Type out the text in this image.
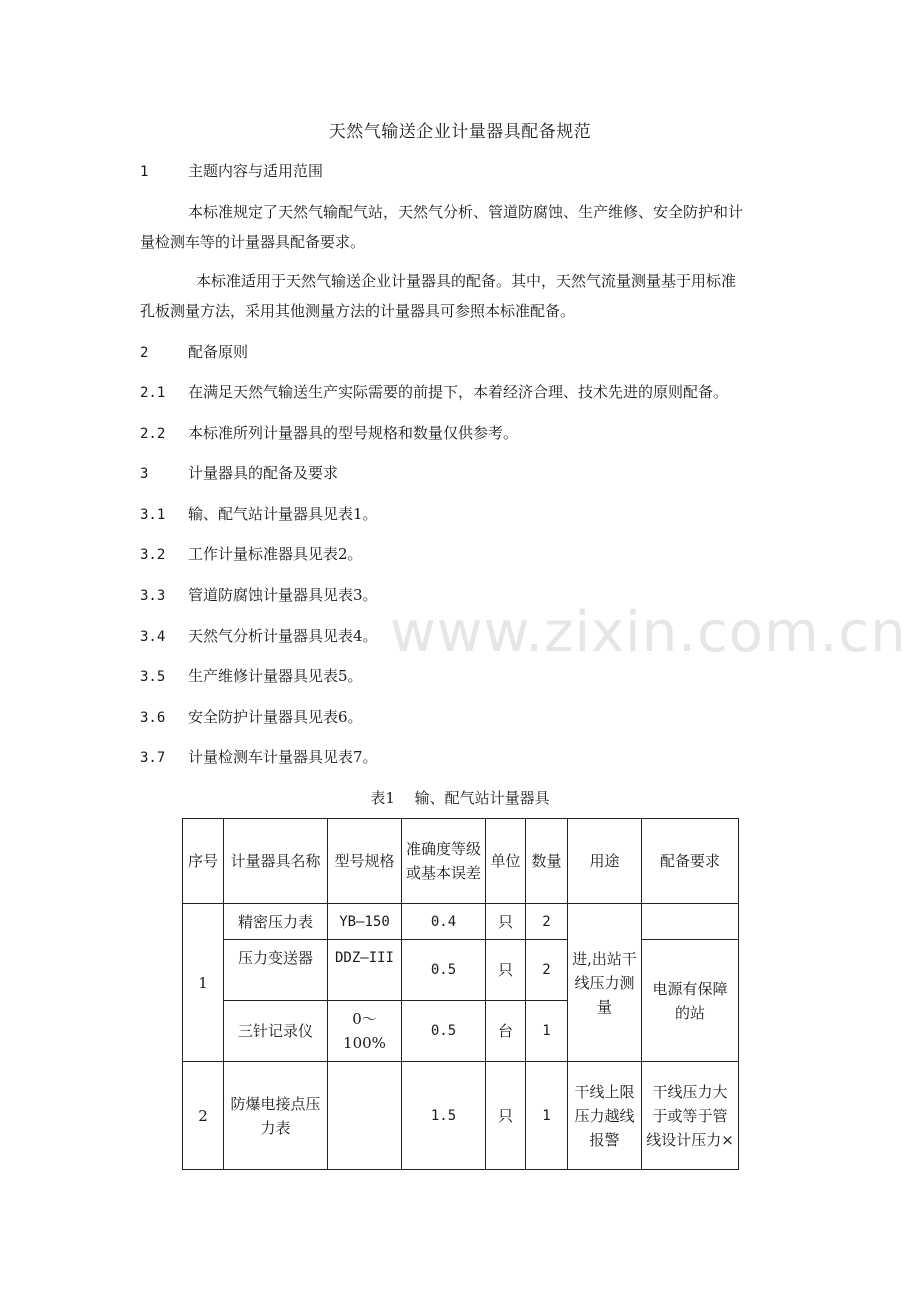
www.zixin.com.cn
天然气输送企业计量器具配备规范
1	主题内容与适用范围
本标准规定了天然气输配气站，天然气分析、管道防腐蚀、生产维修、安全防护和计
量检测车等的计量器具配备要求。
本标准适用于天然气输送企业计量器具的配备。其中，天然气流量测量基于用标准
孔板测量方法，采用其他测量方法的计量器具可参照本标准配备。
2	配备原则
2.1 在满足天然气输送生产实际需要的前提下，本着经济合理、技术先进的原则配备。
2.2 本标准所列计量器具的型号规格和数量仅供参考。
3	计量器具的配备及要求
3.1 输、配气站计量器具见表1。
3.2 工作计量标准器具见表2。
3.3 管道防腐蚀计量器具见表3。
3.4 天然气分析计量器具见表4。
3.5 生产维修计量器具见表5。
3.6 安全防护计量器具见表6。
3.7 计量检测车计量器具见表7。
表1　 输、配气站计量器具
序号	计量器具名称	型号规格	准确度等级或基本误差	单位	数量	用途	配备要求
1	精密压力表	YB—150	0.4	只	2	进,出站干线压力测量	
	压力变送器	DDZ—III	0.5	只	2		电源有保障的站
	三针记录仪	0～100%	0.5	台	1		
2	防爆电接点压力表		1.5	只	1	干线上限压力越线报警	干线压力大于或等于管线设计压力×
